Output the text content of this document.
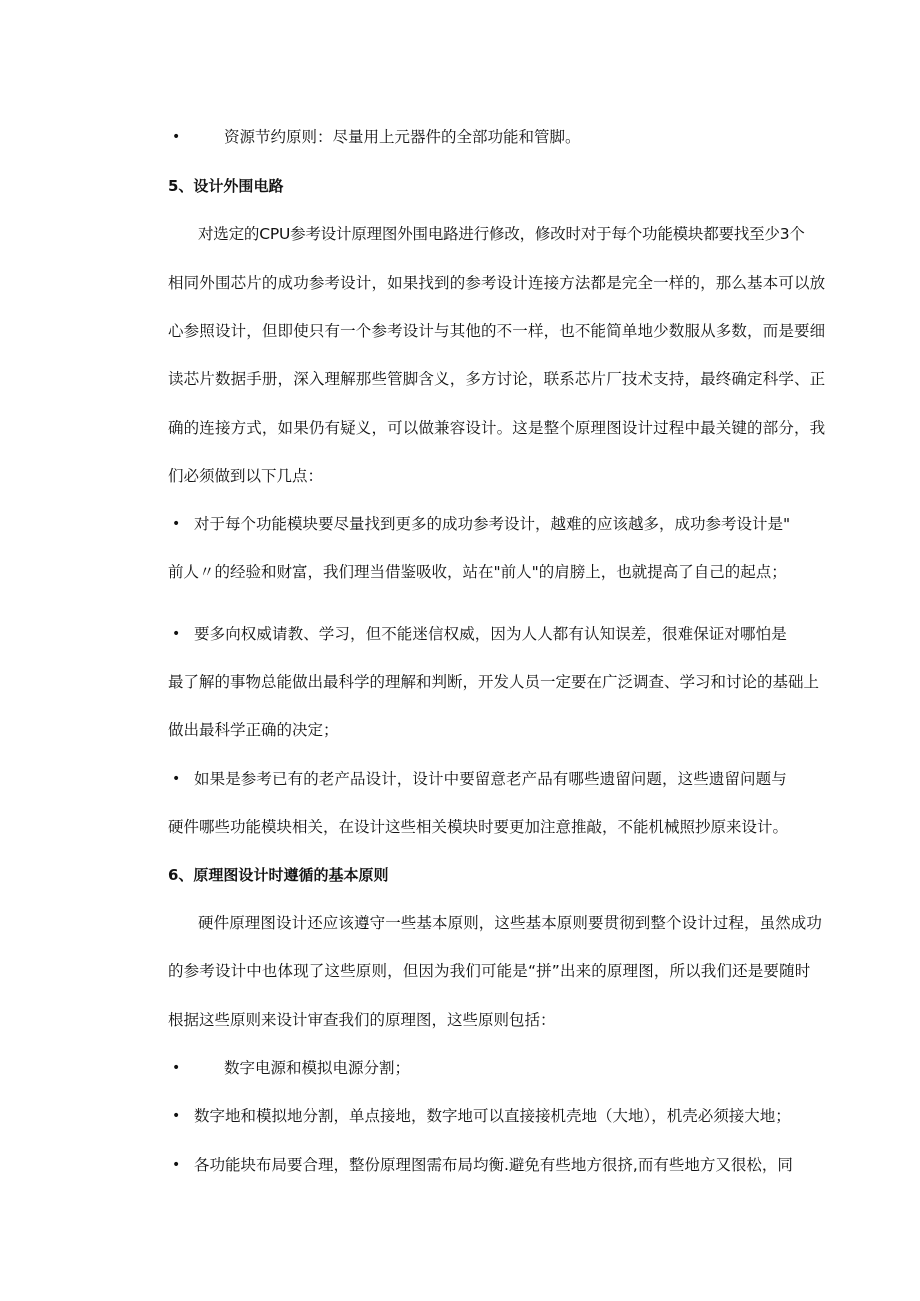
•	资源节约原则：尽量用上元器件的全部功能和管脚。

5、设计外围电路

对选定的CPU参考设计原理图外围电路进行修改，修改时对于每个功能模块都要找至少3个

相同外围芯片的成功参考设计，如果找到的参考设计连接方法都是完全一样的，那么基本可以放

心参照设计，但即使只有一个参考设计与其他的不一样，也不能简单地少数服从多数，而是要细

读芯片数据手册，深入理解那些管脚含义，多方讨论，联系芯片厂技术支持，最终确定科学、正

确的连接方式，如果仍有疑义，可以做兼容设计。这是整个原理图设计过程中最关键的部分，我

们必须做到以下几点：

• 对于每个功能模块要尽量找到更多的成功参考设计，越难的应该越多，成功参考设计是"

前人〃的经验和财富，我们理当借鉴吸收，站在"前人"的肩膀上，也就提高了自己的起点；

• 要多向权威请教、学习，但不能迷信权威，因为人人都有认知误差，很难保证对哪怕是

最了解的事物总能做出最科学的理解和判断，开发人员一定要在广泛调查、学习和讨论的基础上

做出最科学正确的决定；

• 如果是参考已有的老产品设计，设计中要留意老产品有哪些遗留问题，这些遗留问题与

硬件哪些功能模块相关，在设计这些相关模块时要更加注意推敲，不能机械照抄原来设计。

6、原理图设计时遵循的基本原则

硬件原理图设计还应该遵守一些基本原则，这些基本原则要贯彻到整个设计过程，虽然成功

的参考设计中也体现了这些原则，但因为我们可能是“拼”出来的原理图，所以我们还是要随时

根据这些原则来设计审查我们的原理图，这些原则包括：

•	数字电源和模拟电源分割；

• 数字地和模拟地分割，单点接地，数字地可以直接接机壳地（大地），机壳必须接大地；

• 各功能块布局要合理，整份原理图需布局均衡.避免有些地方很挤,而有些地方又很松，同
